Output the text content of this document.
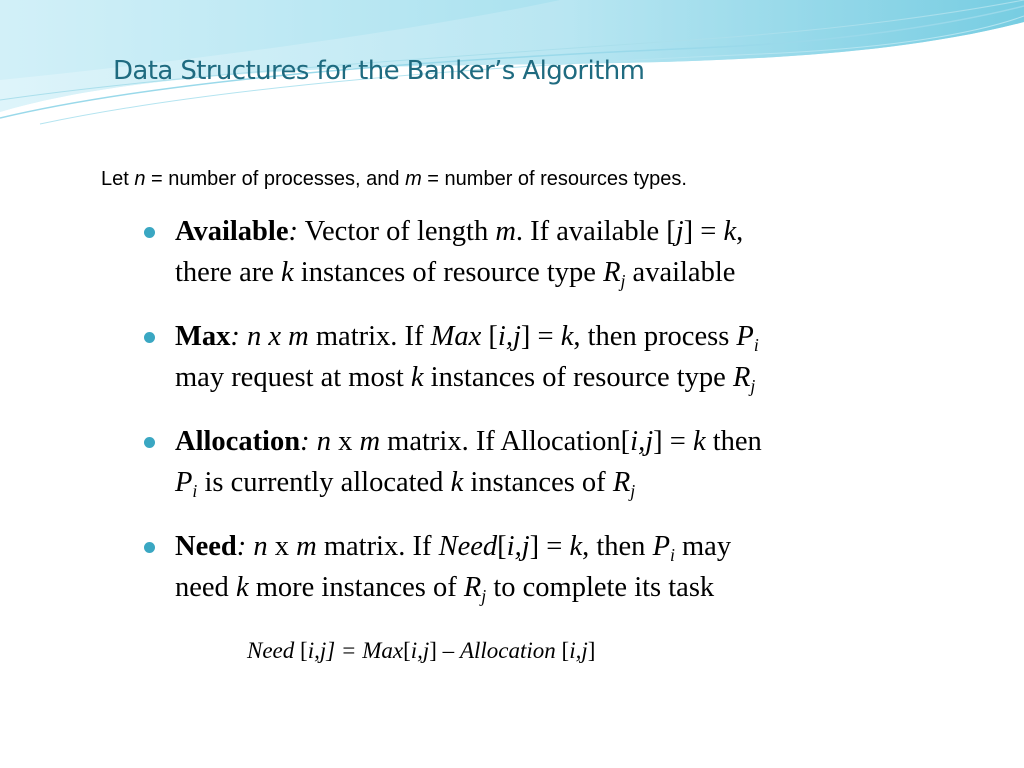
Data Structures for the Banker’s Algorithm
Let n = number of processes, and m = number of resources types.
Available: Vector of length m. If available [j] = k,
there are k instances of resource type $R_j$ available
Max: n x m matrix. If Max [i,j] = k, then process $P_i$
may request at most k instances of resource type $R_j$
Allocation: n x m matrix. If Allocation[i,j] = k then
$P_i$ is currently allocated k instances of $R_j$
Need: n x m matrix. If Need[i,j] = k, then $P_i$ may
need k more instances of $R_j$ to complete its task
Need [i,j] = Max[i,j] – Allocation [i,j]
